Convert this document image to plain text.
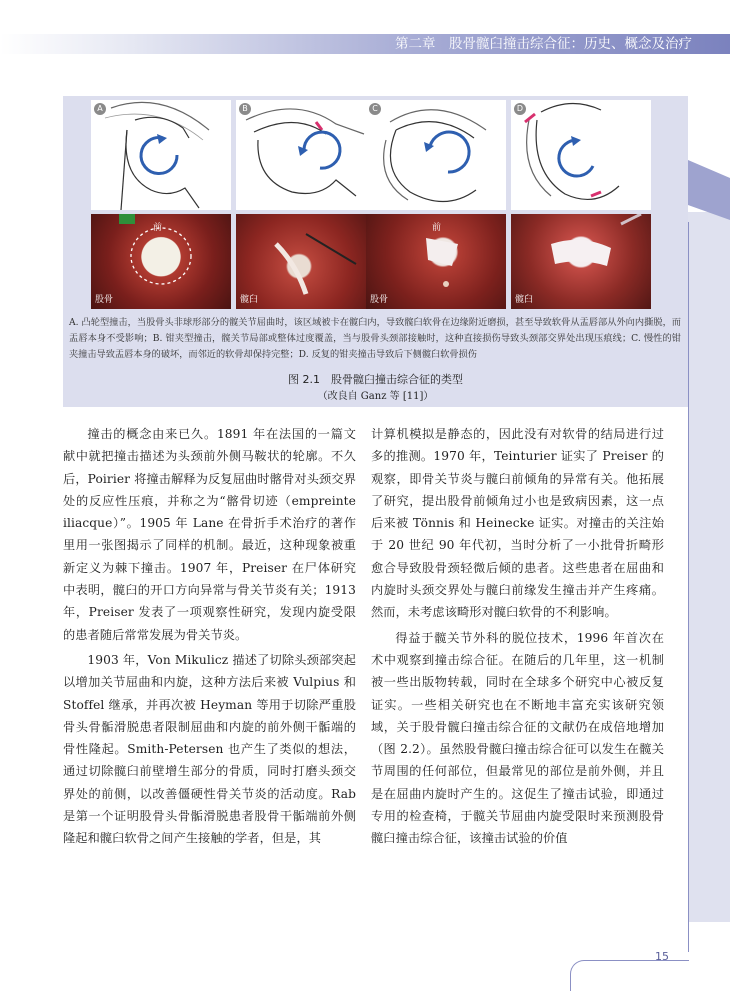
第二章　股骨髋臼撞击综合征：历史、概念及治疗
A	B	C	D
前
股骨	髋臼
前
股骨	髋臼

A. 凸轮型撞击，当股骨头非球形部分的髋关节屈曲时，该区域被卡在髋臼内，导致髋臼软骨在边缘附近磨损，甚至导致软骨从盂唇部从外向内撕脱，而盂唇本身不受影响；B. 钳夹型撞击，髋关节局部或整体过度覆盖，当与股骨头颈部接触时，这种直接损伤导致头颈部交界处出现压痕线；C. 慢性的钳夹撞击导致盂唇本身的破坏，而邻近的软骨却保持完整；D. 反复的钳夹撞击导致后下侧髋臼软骨损伤

图 2.1　股骨髋臼撞击综合征的类型
（改良自 Ganz 等 [11]）

撞击的概念由来已久。1891 年在法国的一篇文献中就把撞击描述为头颈前外侧马鞍状的轮廓。不久后，Poirier 将撞击解释为反复屈曲时髂骨对头颈交界处的反应性压痕，并称之为“髂骨切迹（empreinte iliacque）”。1905 年 Lane 在骨折手术治疗的著作里用一张图揭示了同样的机制。最近，这种现象被重新定义为棘下撞击。1907 年，Preiser 在尸体研究中表明，髋臼的开口方向异常与骨关节炎有关；1913 年，Preiser 发表了一项观察性研究，发现内旋受限的患者随后常常发展为骨关节炎。

1903 年，Von Mikulicz 描述了切除头颈部突起以增加关节屈曲和内旋，这种方法后来被 Vulpius 和 Stoffel 继承，并再次被 Heyman 等用于切除严重股骨头骨骺滑脱患者限制屈曲和内旋的前外侧干骺端的骨性隆起。Smith-Petersen 也产生了类似的想法，通过切除髋臼前壁增生部分的骨质，同时打磨头颈交界处的前侧，以改善僵硬性骨关节炎的活动度。Rab 是第一个证明股骨头骨骺滑脱患者股骨干骺端前外侧隆起和髋臼软骨之间产生接触的学者，但是，其

计算机模拟是静态的，因此没有对软骨的结局进行过多的推测。1970 年，Teinturier 证实了 Preiser 的观察，即骨关节炎与髋臼前倾角的异常有关。他拓展了研究，提出股骨前倾角过小也是致病因素，这一点后来被 Tönnis 和 Heinecke 证实。对撞击的关注始于 20 世纪 90 年代初，当时分析了一小批骨折畸形愈合导致股骨颈轻微后倾的患者。这些患者在屈曲和内旋时头颈交界处与髋臼前缘发生撞击并产生疼痛。然而，未考虑该畸形对髋臼软骨的不利影响。

得益于髋关节外科的脱位技术，1996 年首次在术中观察到撞击综合征。在随后的几年里，这一机制被一些出版物转载，同时在全球多个研究中心被反复证实。一些相关研究也在不断地丰富充实该研究领域，关于股骨髋臼撞击综合征的文献仍在成倍地增加（图 2.2）。虽然股骨髋臼撞击综合征可以发生在髋关节周围的任何部位，但最常见的部位是前外侧，并且是在屈曲内旋时产生的。这促生了撞击试验，即通过专用的检查椅，于髋关节屈曲内旋受限时来预测股骨髋臼撞击综合征，该撞击试验的价值

15
